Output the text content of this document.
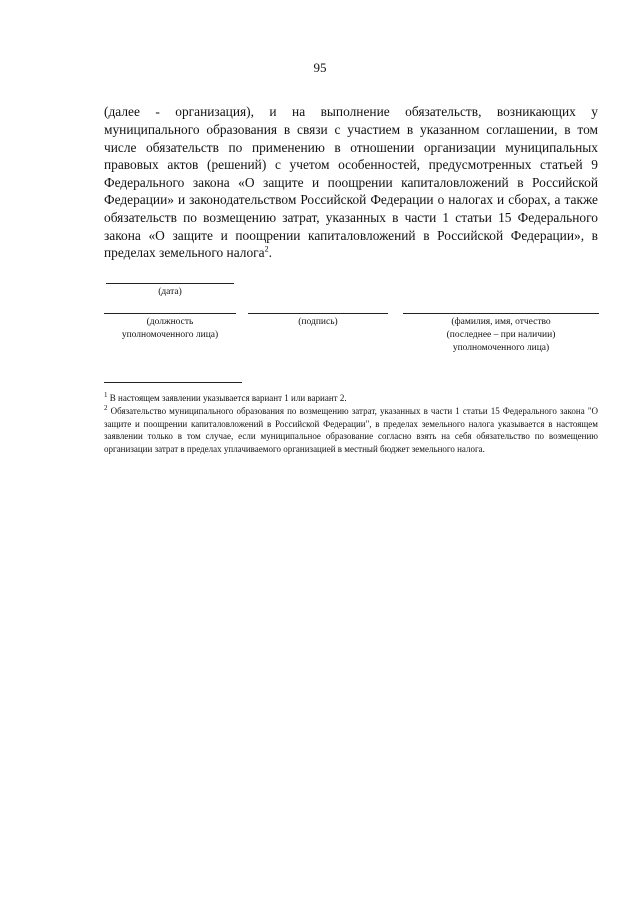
95

(далее - организация), и на выполнение обязательств, возникающих у муниципального образования в связи с участием в указанном соглашении, в том числе обязательств по применению в отношении организации муниципальных правовых актов (решений) с учетом особенностей, предусмотренных статьей 9 Федерального закона «О защите и поощрении капиталовложений в Российской Федерации» и законодательством Российской Федерации о налогах и сборах, а также обязательств по возмещению затрат, указанных в части 1 статьи 15 Федерального закона «О защите и поощрении капиталовложений в Российской Федерации», в пределах земельного налога$^2$.

(дата)
(должность
уполномоченного лица)
(подпись)	(фамилия, имя, отчество
(последнее – при наличии)
уполномоченного лица)

$^1$ В настоящем заявлении указывается вариант 1 или вариант 2.

$^2$ Обязательство муниципального образования по возмещению затрат, указанных в части 1 статьи 15 Федерального закона "О защите и поощрении капиталовложений в Российской Федерации", в пределах земельного налога указывается в настоящем заявлении только в том случае, если муниципальное образование согласно взять на себя обязательство по возмещению организации затрат в пределах уплачиваемого организацией в местный бюджет земельного налога.
